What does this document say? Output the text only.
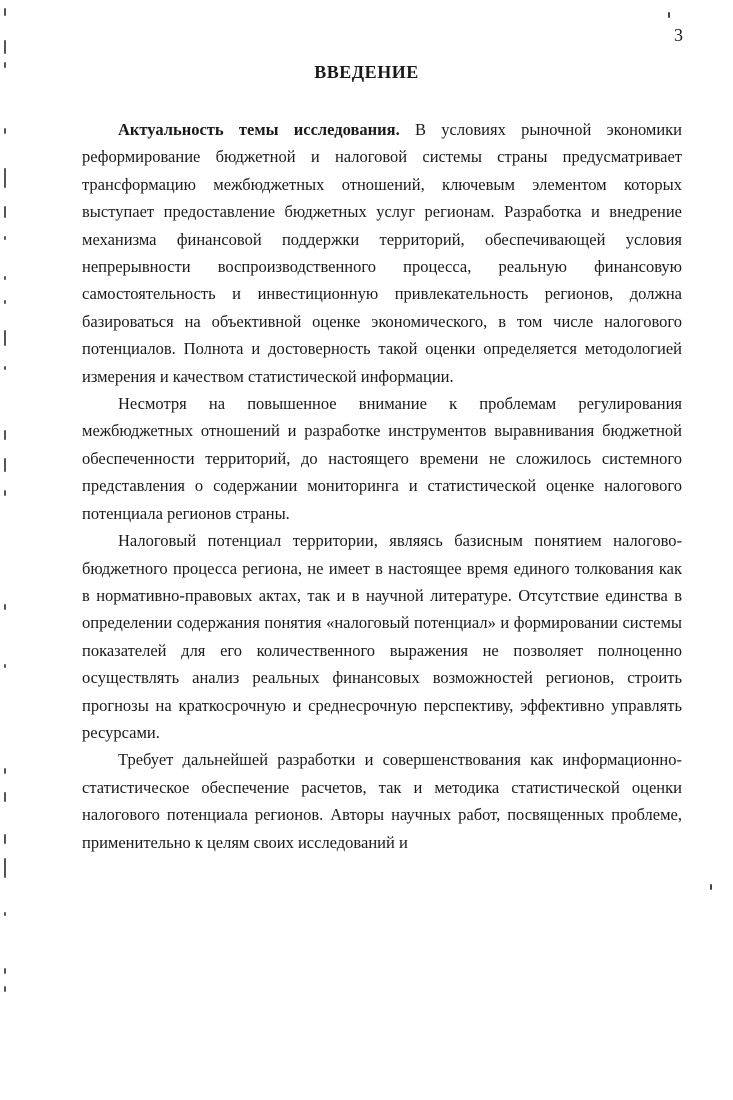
3
ВВЕДЕНИЕ

Актуальность темы исследования. В условиях рыночной экономики реформирование бюджетной и налоговой системы страны предусматривает трансформацию межбюджетных отношений, ключевым элементом которых выступает предоставление бюджетных услуг регионам. Разработка и внедрение механизма финансовой поддержки территорий, обеспечивающей условия непрерывности воспроизводственного процесса, реальную финансовую самостоятельность и инвестиционную привлекательность регионов, должна базироваться на объективной оценке экономического, в том числе налогового потенциалов. Полнота и достоверность такой оценки определяется методологией измерения и качеством статистической информации.

Несмотря на повышенное внимание к проблемам регулирования межбюджетных отношений и разработке инструментов выравнивания бюджетной обеспеченности территорий, до настоящего времени не сложилось системного представления о содержании мониторинга и статистической оценке налогового потенциала регионов страны.

Налоговый потенциал территории, являясь базисным понятием налогово-бюджетного процесса региона, не имеет в настоящее время единого толкования как в нормативно-правовых актах, так и в научной литературе. Отсутствие единства в определении содержания понятия «налоговый потенциал» и формировании системы показателей для его количественного выражения не позволяет полноценно осуществлять анализ реальных финансовых возможностей регионов, строить прогнозы на краткосрочную и среднесрочную перспективу, эффективно управлять ресурсами.

Требует дальнейшей разработки и совершенствования как информационно-статистическое обеспечение расчетов, так и методика статистической оценки налогового потенциала регионов. Авторы научных работ, посвященных проблеме, применительно к целям своих исследований и
